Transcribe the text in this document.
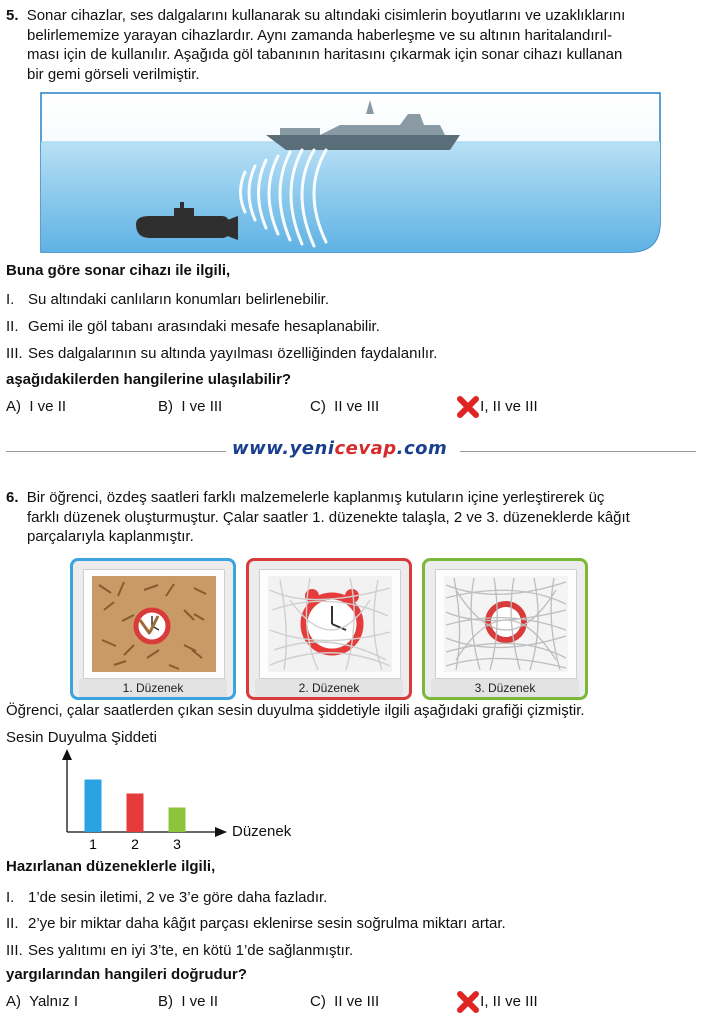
5. Sonar cihazlar, ses dalgalarını kullanarak su altındaki cisimlerin boyutlarını ve uzaklıklarını
belirlememize yarayan cihazlardır. Aynı zamanda haberleşme ve su altının haritalandırıl-
ması için de kullanılır. Aşağıda göl tabanının haritasını çıkarmak için sonar cihazı kullanan
bir gemi görseli verilmiştir.
Buna göre sonar cihazı ile ilgili,
I. Su altındaki canlıların konumları belirlenebilir.
II. Gemi ile göl tabanı arasındaki mesafe hesaplanabilir.
III. Ses dalgalarının su altında yayılması özelliğinden faydalanılır.
aşağıdakilerden hangilerine ulaşılabilir?
A) I ve II	B) I ve III	C) II ve III	I, II ve III
www.yenicevap.com
6. Bir öğrenci, özdeş saatleri farklı malzemelerle kaplanmış kutuların içine yerleştirerek üç
farklı düzenek oluşturmuştur. Çalar saatler 1. düzenekte talaşla, 2 ve 3. düzeneklerde kâğıt
parçalarıyla kaplanmıştır.
1. Düzenek	2. Düzenek	3. Düzenek
Öğrenci, çalar saatlerden çıkan sesin duyulma şiddetiyle ilgili aşağıdaki grafiği çizmiştir.
Sesin Duyulma Şiddeti
1 2 3
Düzenek
Hazırlanan düzeneklerle ilgili,
I. 1’de sesin iletimi, 2 ve 3’e göre daha fazladır.
II. 2’ye bir miktar daha kâğıt parçası eklenirse sesin soğrulma miktarı artar.
III. Ses yalıtımı en iyi 3’te, en kötü 1’de sağlanmıştır.
yargılarından hangileri doğrudur?
A) Yalnız I	B) I ve II	C) II ve III	I, II ve III
